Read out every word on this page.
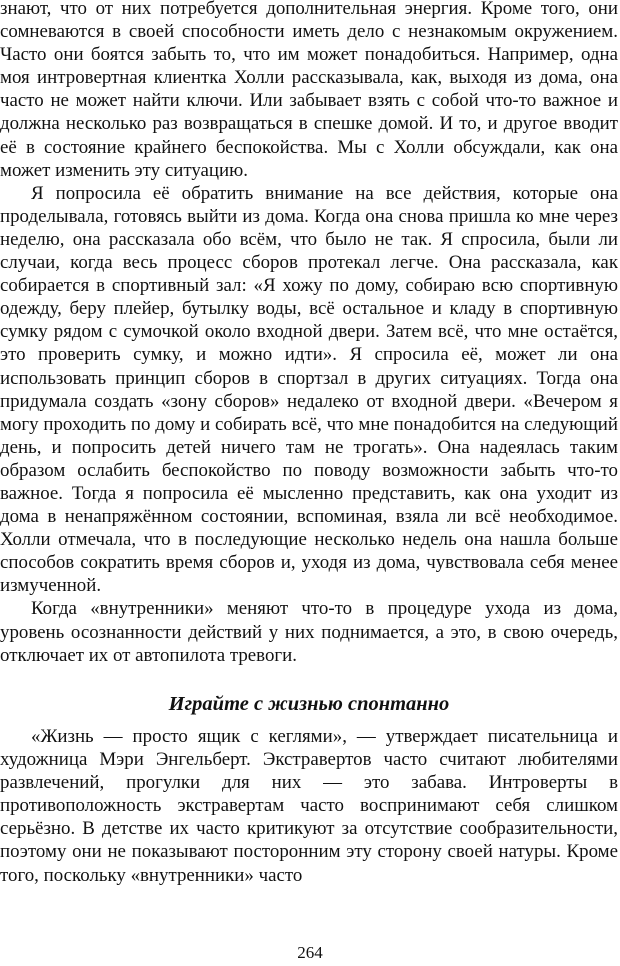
знают, что от них потребуется дополнительная энергия. Кроме того, они сомневаются в своей способности иметь дело с незнакомым окружением. Часто они боятся забыть то, что им может понадобиться. Например, одна моя интровертная клиентка Холли рассказывала, как, выходя из дома, она часто не может найти ключи. Или забывает взять с собой что-то важное и должна несколько раз возвращаться в спешке домой. И то, и другое вводит её в состояние крайнего беспокойства. Мы с Холли обсуждали, как она может изменить эту ситуацию.

Я попросила её обратить внимание на все действия, которые она проделывала, готовясь выйти из дома. Когда она снова пришла ко мне через неделю, она рассказала обо всём, что было не так. Я спросила, были ли случаи, когда весь процесс сборов протекал легче. Она рассказала, как собирается в спортивный зал: «Я хожу по дому, собираю всю спортивную одежду, беру плейер, бутылку воды, всё остальное и кладу в спортивную сумку рядом с сумочкой около входной двери. Затем всё, что мне остаётся, это проверить сумку, и можно идти». Я спросила её, может ли она использовать принцип сборов в спортзал в других ситуациях. Тогда она придумала создать «зону сборов» недалеко от входной двери. «Вечером я могу проходить по дому и собирать всё, что мне понадобится на следующий день, и попросить детей ничего там не трогать». Она надеялась таким образом ослабить беспокойство по поводу возможности забыть что-то важное. Тогда я попросила её мысленно представить, как она уходит из дома в ненапряжённом состоянии, вспоминая, взяла ли всё необходимое. Холли отмечала, что в последующие несколько недель она нашла больше способов сократить время сборов и, уходя из дома, чувствовала себя менее измученной.

Когда «внутренники» меняют что-то в процедуре ухода из дома, уровень осознанности действий у них поднимается, а это, в свою очередь, отключает их от автопилота тревоги.

Играйте с жизнью спонтанно

«Жизнь — просто ящик с кеглями», — утверждает писательница и художница Мэри Энгельберт. Экстравертов часто считают любителями развлечений, прогулки для них — это забава. Интроверты в противоположность экстравертам часто воспринимают себя слишком серьёзно. В детстве их часто критикуют за отсутствие сообразительности, поэтому они не показывают посторонним эту сторону своей натуры. Кроме того, поскольку «внутренники» часто

264
